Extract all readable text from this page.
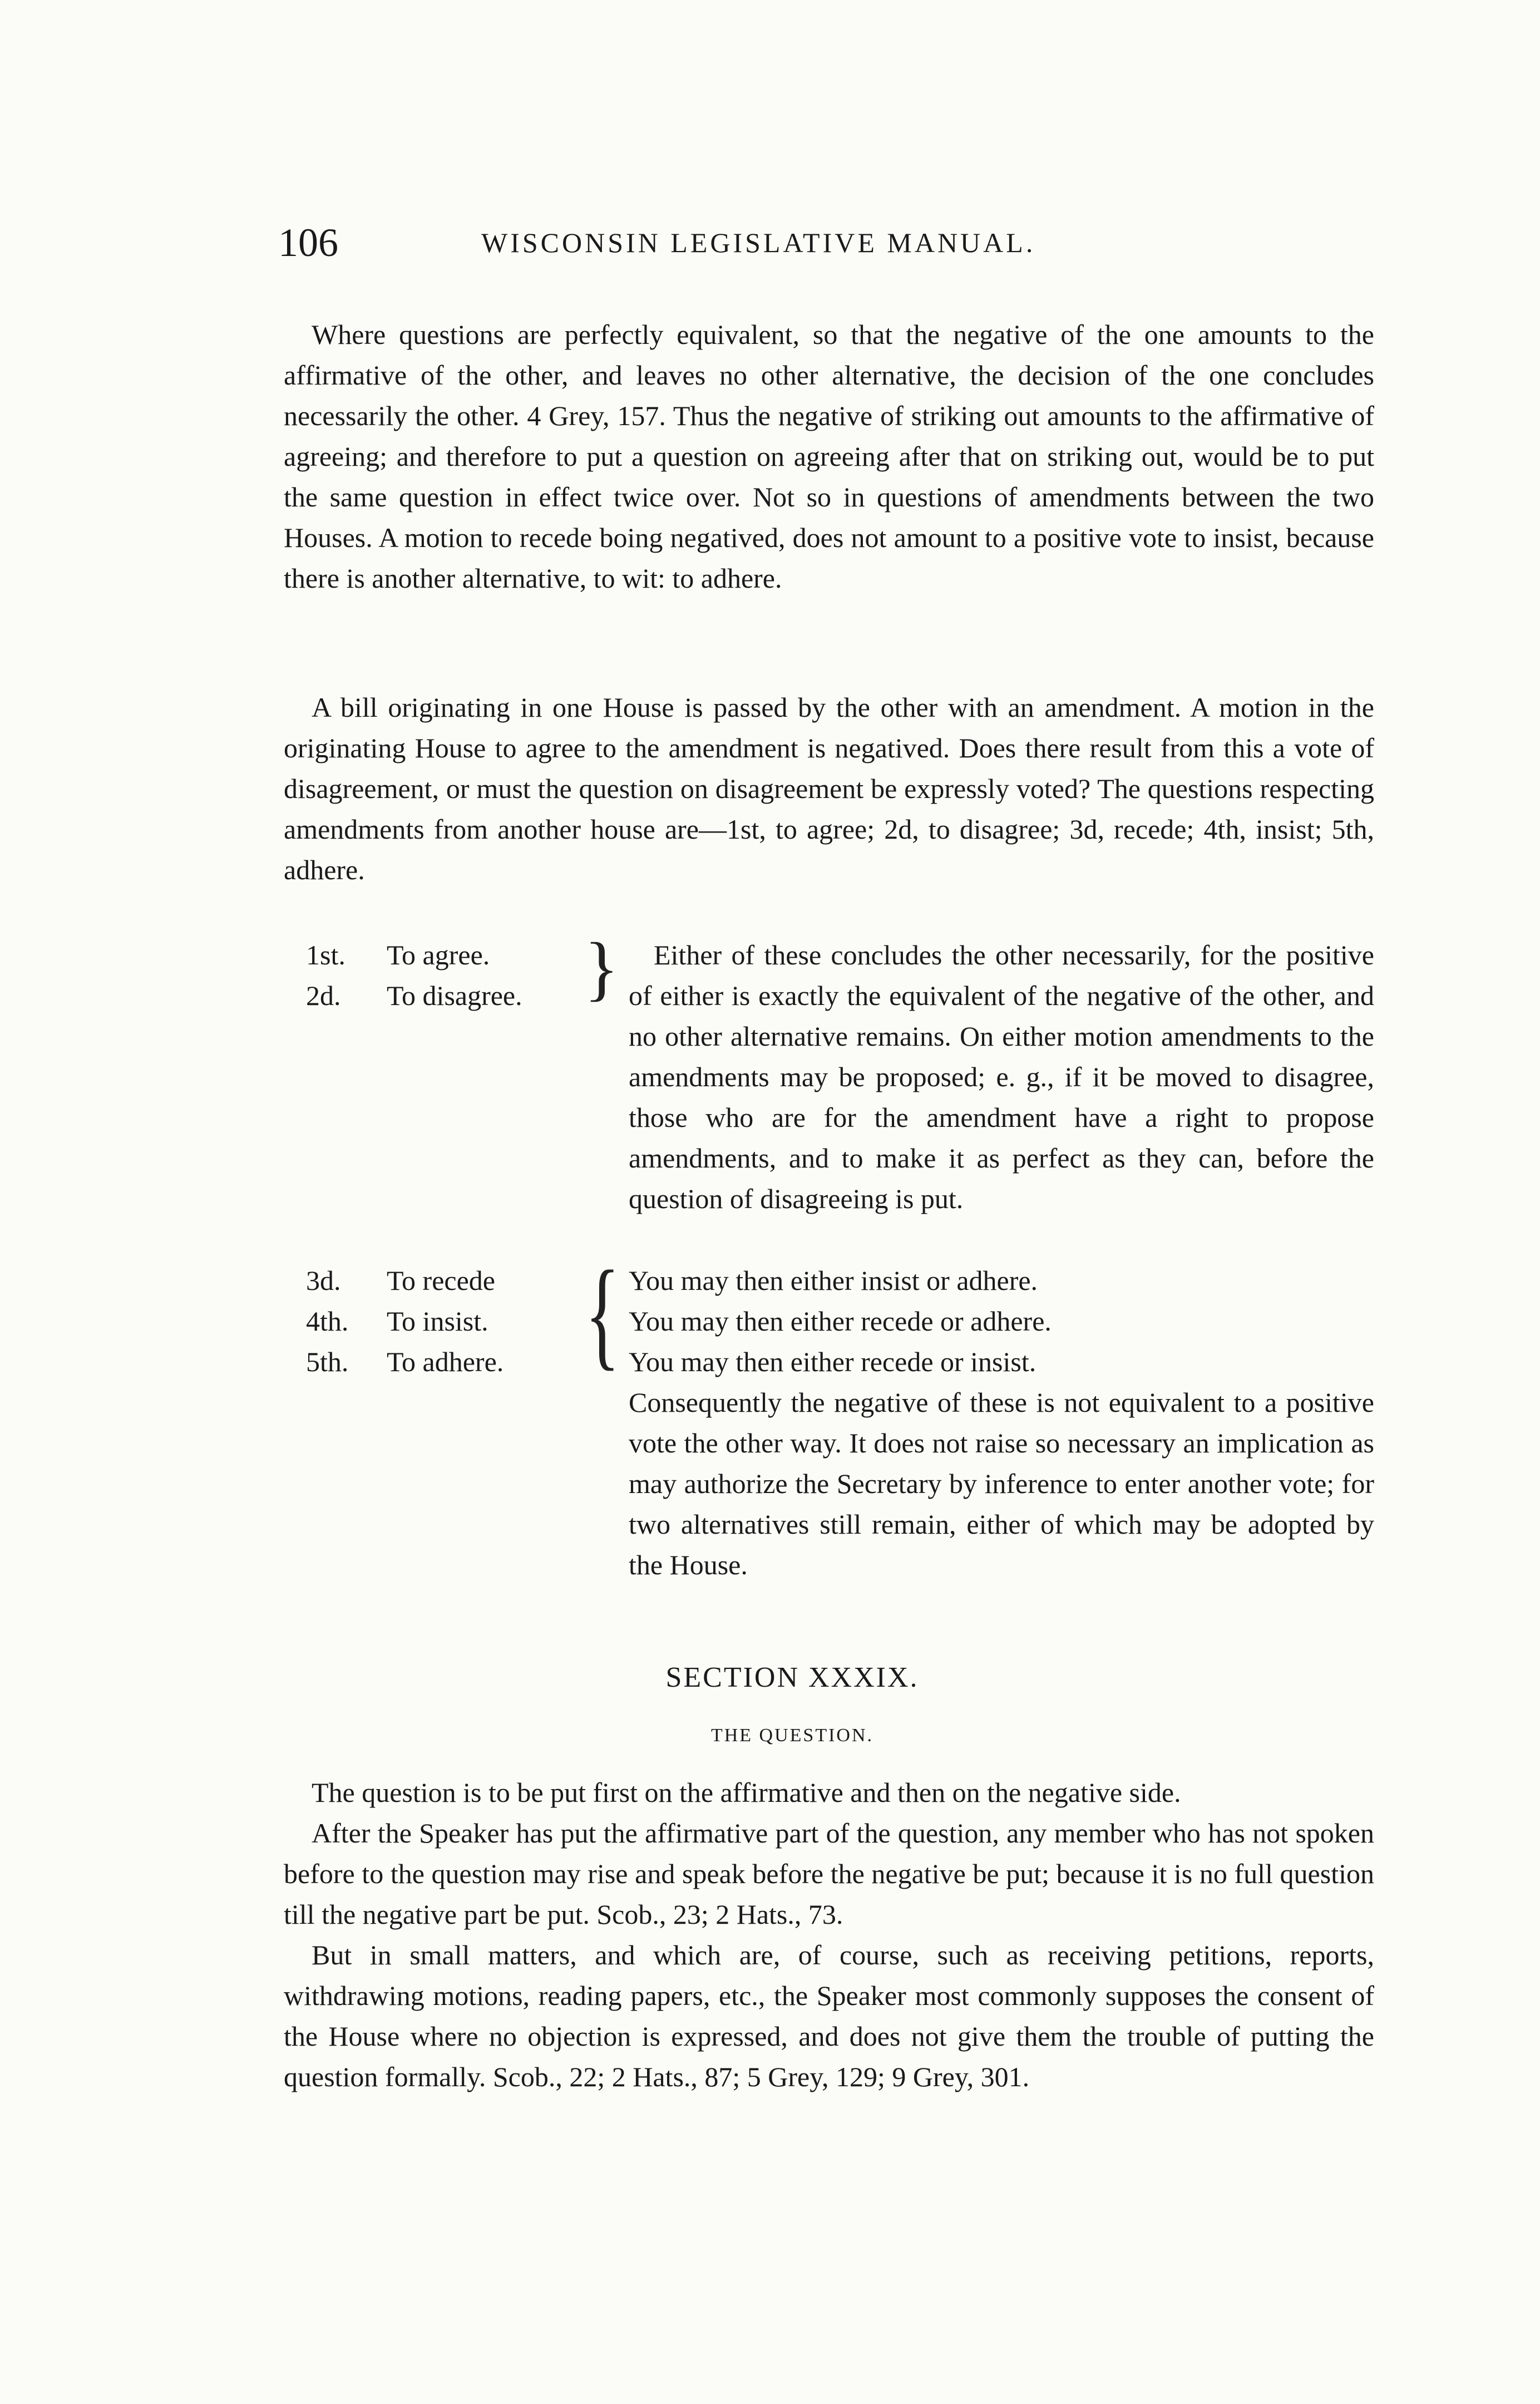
106	WISCONSIN LEGISLATIVE MANUAL.

Where questions are perfectly equivalent, so that the negative of the one amounts to the affirmative of the other, and leaves no other alternative, the decision of the one concludes necessarily the other. 4 Grey, 157. Thus the negative of striking out amounts to the affirmative of agreeing; and therefore to put a question on agreeing after that on striking out, would be to put the same question in effect twice over. Not so in questions of amendments between the two Houses. A motion to recede boing negatived, does not amount to a positive vote to insist, because there is another alternative, to wit: to adhere.

A bill originating in one House is passed by the other with an amendment. A motion in the originating House to agree to the amendment is negatived. Does there result from this a vote of disagreement, or must the question on disagreement be expressly voted? The questions respecting amendments from another house are—1st, to agree; 2d, to disagree; 3d, recede; 4th, insist; 5th, adhere.

1st. To agree.
2d. To disagree. }	Either of these concludes the other necessarily, for the positive of either is exactly the equivalent of the negative of the other, and no other alternative remains. On either motion amendments to the amendments may be proposed; e. g., if it be moved to disagree, those who are for the amendment have a right to propose amendments, and to make it as perfect as they can, before the question of disagreeing is put.

3d. To recede
4th. To insist.
5th. To adhere. { You may then either insist or adhere.

You may then either recede or adhere.

You may then either recede or insist.

Consequently the negative of these is not equivalent to a positive vote the other way. It does not raise so necessary an implication as may authorize the Secretary by inference to enter another vote; for two alternatives still remain, either of which may be adopted by the House.

SECTION XXXIX.
THE QUESTION.

The question is to be put first on the affirmative and then on the negative side.

After the Speaker has put the affirmative part of the question, any member who has not spoken before to the question may rise and speak before the negative be put; because it is no full question till the negative part be put. Scob., 23; 2 Hats., 73.

But in small matters, and which are, of course, such as receiving petitions, reports, withdrawing motions, reading papers, etc., the Speaker most commonly supposes the consent of the House where no objection is expressed, and does not give them the trouble of putting the question formally. Scob., 22; 2 Hats., 87; 5 Grey, 129; 9 Grey, 301.
